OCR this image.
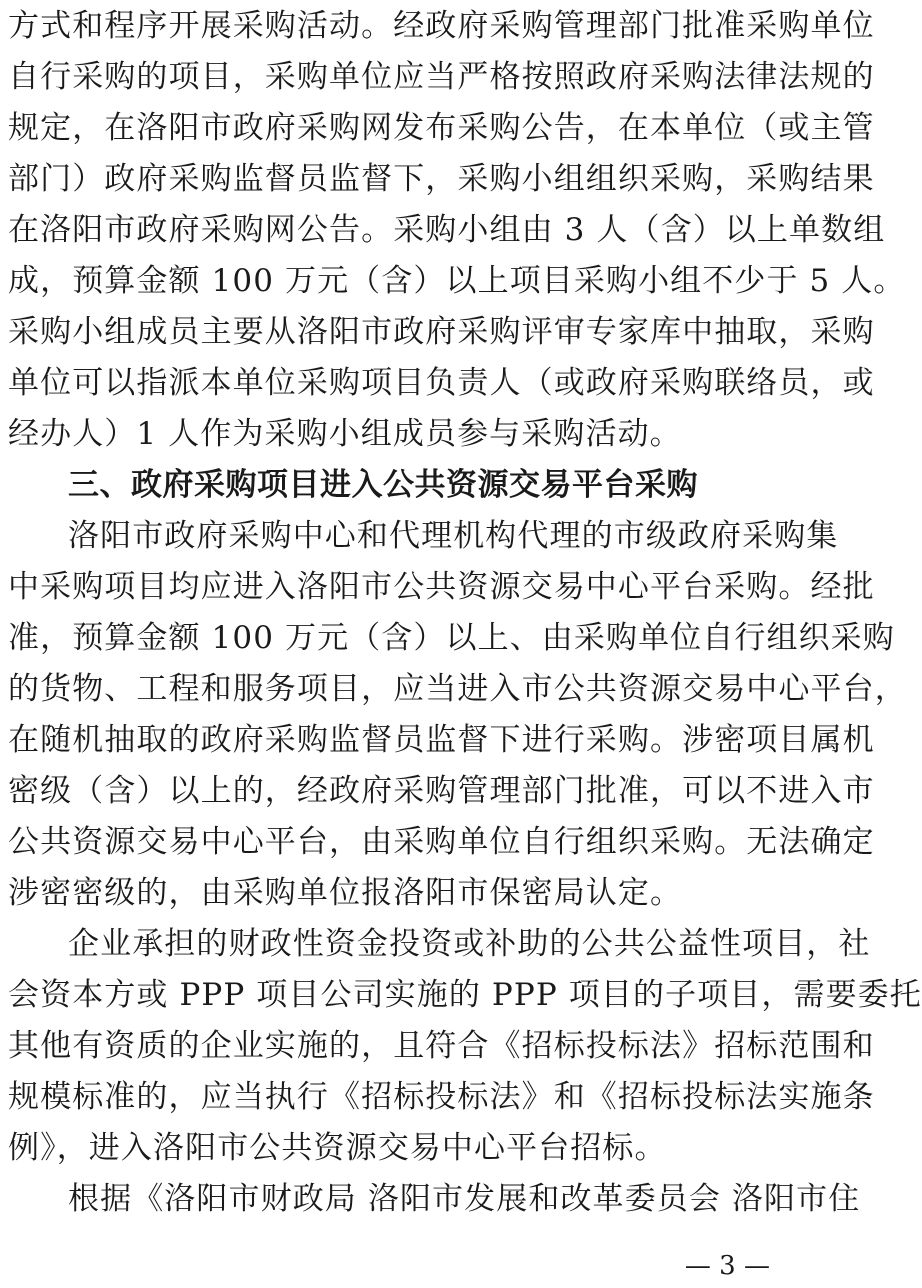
方式和程序开展采购活动。经政府采购管理部门批准采购单位
自行采购的项目，采购单位应当严格按照政府采购法律法规的
规定，在洛阳市政府采购网发布采购公告，在本单位（或主管
部门）政府采购监督员监督下，采购小组组织采购，采购结果
在洛阳市政府采购网公告。采购小组由 3 人（含）以上单数组
成，预算金额 100 万元（含）以上项目采购小组不少于 5 人。
采购小组成员主要从洛阳市政府采购评审专家库中抽取，采购
单位可以指派本单位采购项目负责人（或政府采购联络员，或
经办人）1 人作为采购小组成员参与采购活动。
三、政府采购项目进入公共资源交易平台采购
洛阳市政府采购中心和代理机构代理的市级政府采购集
中采购项目均应进入洛阳市公共资源交易中心平台采购。经批
准，预算金额 100 万元（含）以上、由采购单位自行组织采购
的货物、工程和服务项目，应当进入市公共资源交易中心平台，
在随机抽取的政府采购监督员监督下进行采购。涉密项目属机
密级（含）以上的，经政府采购管理部门批准，可以不进入市
公共资源交易中心平台，由采购单位自行组织采购。无法确定
涉密密级的，由采购单位报洛阳市保密局认定。
企业承担的财政性资金投资或补助的公共公益性项目，社
会资本方或 PPP 项目公司实施的 PPP 项目的子项目，需要委托
其他有资质的企业实施的，且符合《招标投标法》招标范围和
规模标准的，应当执行《招标投标法》和《招标投标法实施条
例》，进入洛阳市公共资源交易中心平台招标。
根据《洛阳市财政局 洛阳市发展和改革委员会 洛阳市住
— 3 —
